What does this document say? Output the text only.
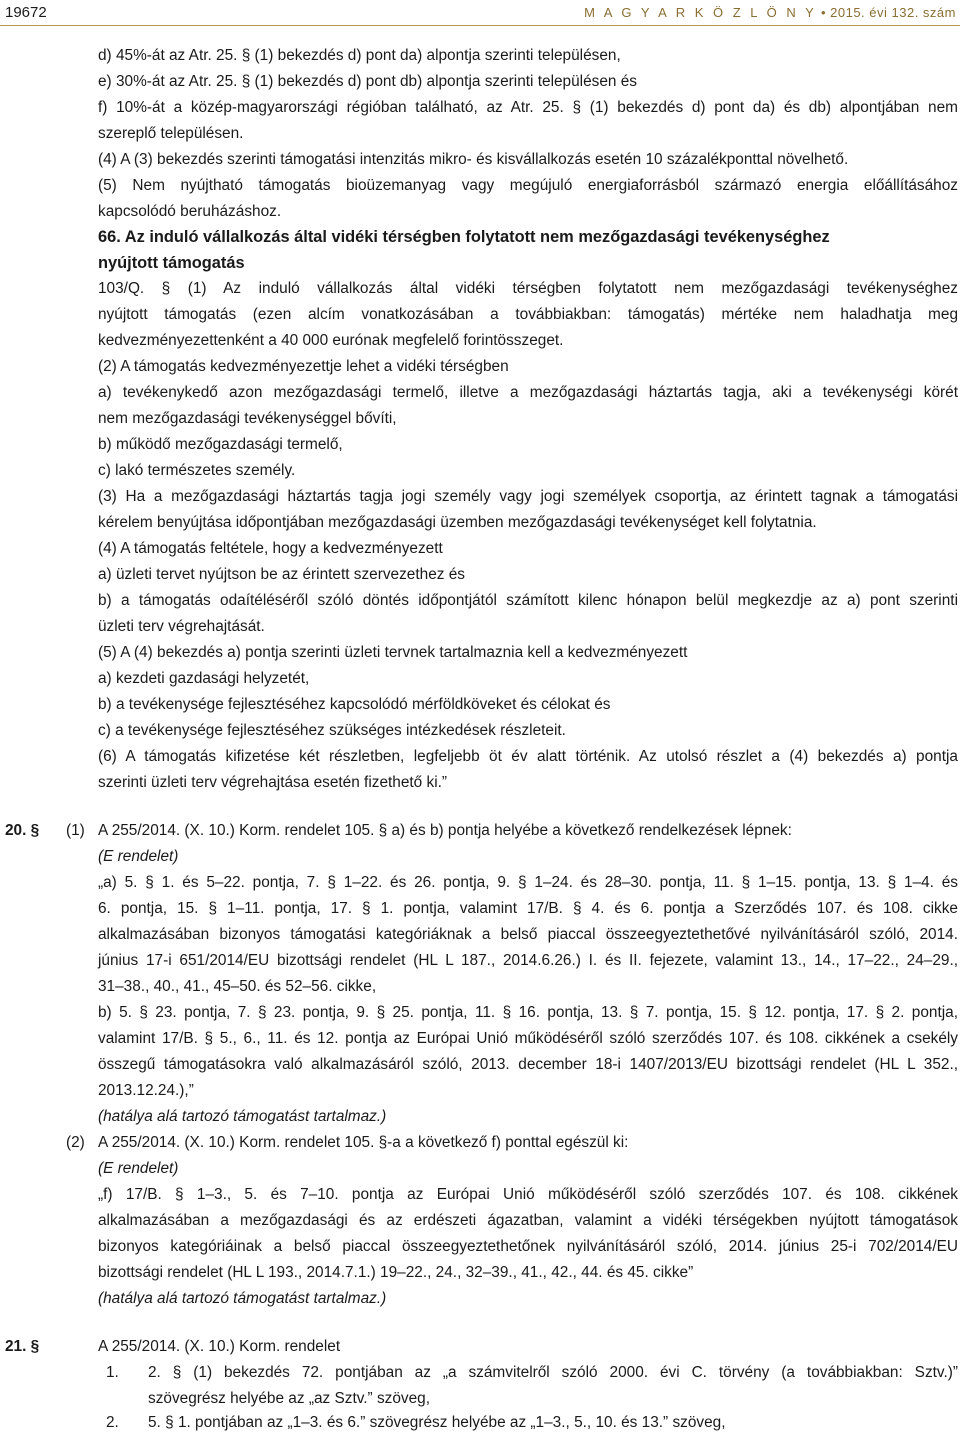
19672	M A G Y A R K Ö Z L Ö N Y • 2015. évi 132. szám
d) 45%-át az Atr. 25. § (1) bekezdés d) pont da) alpontja szerinti településen,
e) 30%-át az Atr. 25. § (1) bekezdés d) pont db) alpontja szerinti településen és
f) 10%-át a közép-magyarországi régióban található, az Atr. 25. § (1) bekezdés d) pont da) és db) alpontjában nem
szereplő településen.
(4) A (3) bekezdés szerinti támogatási intenzitás mikro- és kisvállalkozás esetén 10 százalékponttal növelhető.
(5) Nem nyújtható támogatás bioüzemanyag vagy megújuló energiaforrásból származó energia előállításához
kapcsolódó beruházáshoz.
66. Az induló vállalkozás által vidéki térségben folytatott nem mezőgazdasági tevékenységhez
nyújtott támogatás
103/Q. § (1) Az induló vállalkozás által vidéki térségben folytatott nem mezőgazdasági tevékenységhez
nyújtott támogatás (ezen alcím vonatkozásában a továbbiakban: támogatás) mértéke nem haladhatja meg
kedvezményezettenként a 40 000 eurónak megfelelő forintösszeget.
(2) A támogatás kedvezményezettje lehet a vidéki térségben
a) tevékenykedő azon mezőgazdasági termelő, illetve a mezőgazdasági háztartás tagja, aki a tevékenységi körét
nem mezőgazdasági tevékenységgel bővíti,
b) működő mezőgazdasági termelő,
c) lakó természetes személy.
(3) Ha a mezőgazdasági háztartás tagja jogi személy vagy jogi személyek csoportja, az érintett tagnak a támogatási
kérelem benyújtása időpontjában mezőgazdasági üzemben mezőgazdasági tevékenységet kell folytatnia.
(4) A támogatás feltétele, hogy a kedvezményezett
a) üzleti tervet nyújtson be az érintett szervezethez és
b) a támogatás odaítéléséről szóló döntés időpontjától számított kilenc hónapon belül megkezdje az a) pont szerinti
üzleti terv végrehajtását.
(5) A (4) bekezdés a) pontja szerinti üzleti tervnek tartalmaznia kell a kedvezményezett
a) kezdeti gazdasági helyzetét,
b) a tevékenysége fejlesztéséhez kapcsolódó mérföldköveket és célokat és
c) a tevékenysége fejlesztéséhez szükséges intézkedések részleteit.
(6) A támogatás kifizetése két részletben, legfeljebb öt év alatt történik. Az utolsó részlet a (4) bekezdés a) pontja
szerinti üzleti terv végrehajtása esetén fizethető ki.”
20. § (1) A 255/2014. (X. 10.) Korm. rendelet 105. § a) és b) pontja helyébe a következő rendelkezések lépnek:
(E rendelet)
„a) 5. § 1. és 5–22. pontja, 7. § 1–22. és 26. pontja, 9. § 1–24. és 28–30. pontja, 11. § 1–15. pontja, 13. § 1–4. és
6. pontja, 15. § 1–11. pontja, 17. § 1. pontja, valamint 17/B. § 4. és 6. pontja a Szerződés 107. és 108. cikke
alkalmazásában bizonyos támogatási kategóriáknak a belső piaccal összeegyeztethetővé nyilvánításáról szóló, 2014.
június 17-i 651/2014/EU bizottsági rendelet (HL L 187., 2014.6.26.) I. és II. fejezete, valamint 13., 14., 17–22., 24–29.,
31–38., 40., 41., 45–50. és 52–56. cikke,
b) 5. § 23. pontja, 7. § 23. pontja, 9. § 25. pontja, 11. § 16. pontja, 13. § 7. pontja, 15. § 12. pontja, 17. § 2. pontja,
valamint 17/B. § 5., 6., 11. és 12. pontja az Európai Unió működéséről szóló szerződés 107. és 108. cikkének a csekély
összegű támogatásokra való alkalmazásáról szóló, 2013. december 18-i 1407/2013/EU bizottsági rendelet (HL L 352.,
2013.12.24.),”
(hatálya alá tartozó támogatást tartalmaz.)
(2) A 255/2014. (X. 10.) Korm. rendelet 105. §-a a következő f) ponttal egészül ki:
(E rendelet)
„f) 17/B. § 1–3., 5. és 7–10. pontja az Európai Unió működéséről szóló szerződés 107. és 108. cikkének
alkalmazásában a mezőgazdasági és az erdészeti ágazatban, valamint a vidéki térségekben nyújtott támogatások
bizonyos kategóriáinak a belső piaccal összeegyeztethetőnek nyilvánításáról szóló, 2014. június 25-i 702/2014/EU
bizottsági rendelet (HL L 193., 2014.7.1.) 19–22., 24., 32–39., 41., 42., 44. és 45. cikke”
(hatálya alá tartozó támogatást tartalmaz.)
21. §	A 255/2014. (X. 10.) Korm. rendelet
1. 2. § (1) bekezdés 72. pontjában az „a számvitelről szóló 2000. évi C. törvény (a továbbiakban: Sztv.)”
szövegrész helyébe az „az Sztv.” szöveg,
2. 5. § 1. pontjában az „1–3. és 6.” szövegrész helyébe az „1–3., 5., 10. és 13.” szöveg,
